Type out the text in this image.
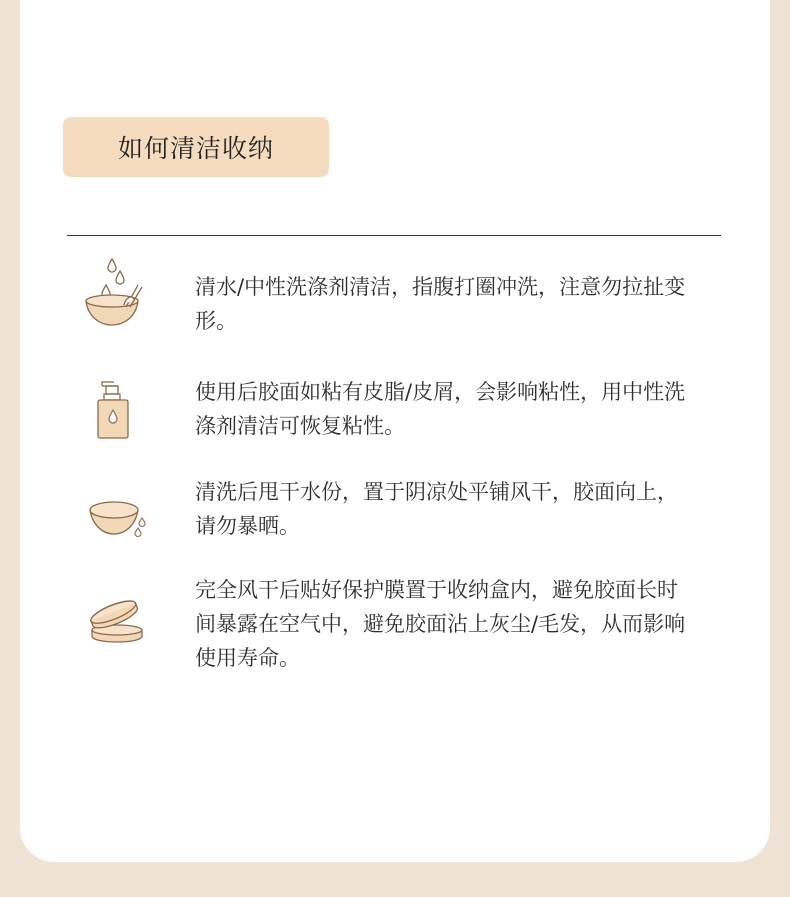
如何清洁收纳
清水/中性洗涤剂清洁，指腹打圈冲洗，注意勿拉扯变形。
使用后胶面如粘有皮脂/皮屑，会影响粘性，用中性洗涤剂清洁可恢复粘性。
清洗后甩干水份，置于阴凉处平铺风干，胶面向上，请勿暴晒。
完全风干后贴好保护膜置于收纳盒内，避免胶面长时间暴露在空气中，避免胶面沾上灰尘/毛发，从而影响使用寿命。
